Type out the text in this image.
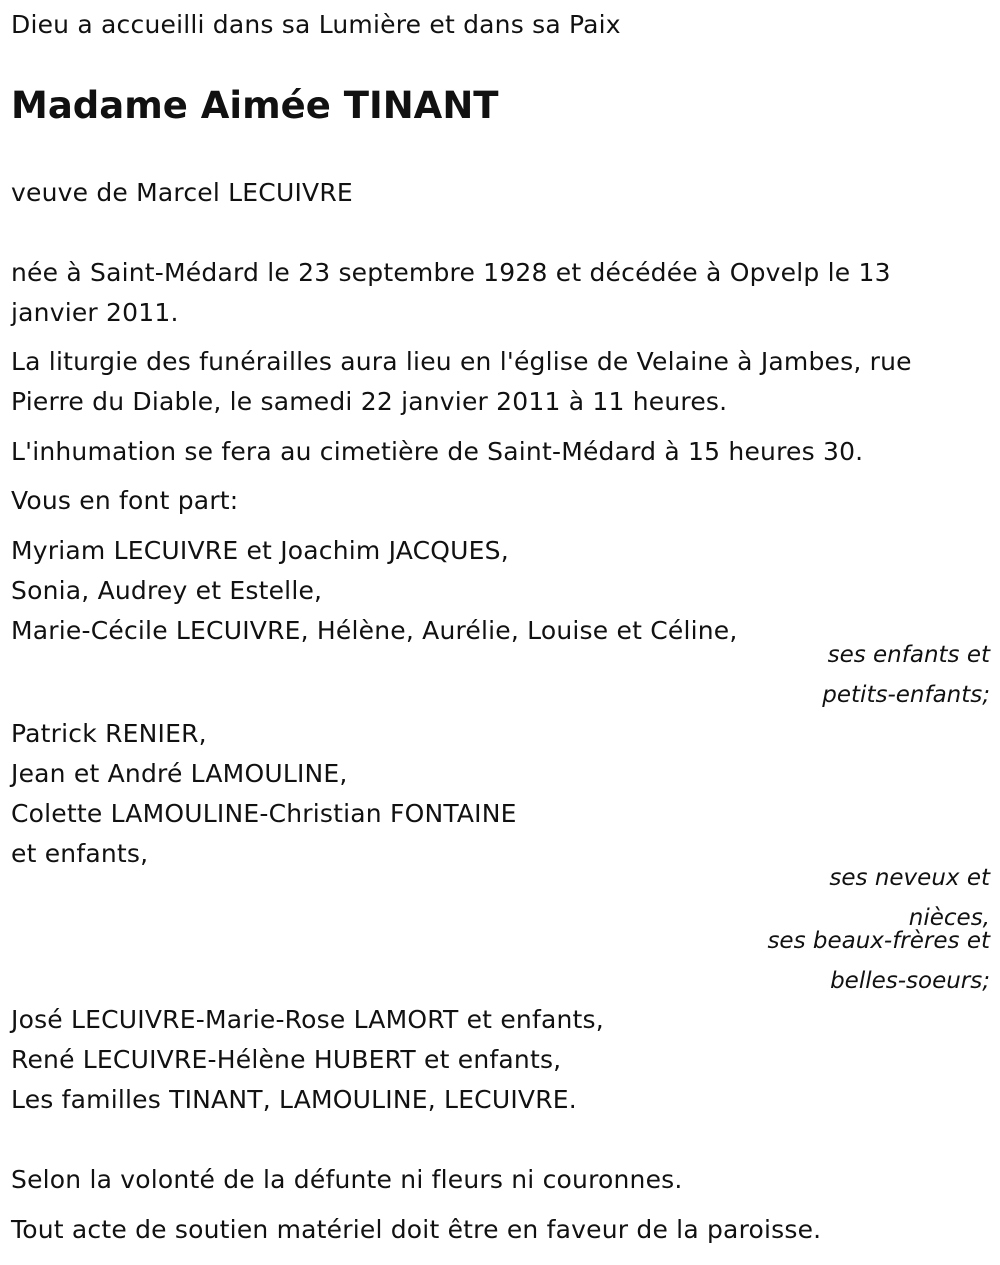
Dieu a accueilli dans sa Lumière et dans sa Paix
Madame Aimée TINANT
veuve de Marcel LECUIVRE
née à Saint-Médard le 23 septembre 1928 et décédée à Opvelp le 13
janvier 2011.
La liturgie des funérailles aura lieu en l'église de Velaine à Jambes, rue
Pierre du Diable, le samedi 22 janvier 2011 à 11 heures.
L'inhumation se fera au cimetière de Saint-Médard à 15 heures 30.
Vous en font part:
Myriam LECUIVRE et Joachim JACQUES,
Sonia, Audrey et Estelle,
Marie-Cécile LECUIVRE, Hélène, Aurélie, Louise et Céline,
ses enfants et
petits-enfants;
Patrick RENIER,
Jean et André LAMOULINE,
Colette LAMOULINE-Christian FONTAINE
et enfants,
ses neveux et
nièces,
ses beaux-frères et
belles-soeurs;
José LECUIVRE-Marie-Rose LAMORT et enfants,
René LECUIVRE-Hélène HUBERT et enfants,
Les familles TINANT, LAMOULINE, LECUIVRE.
Selon la volonté de la défunte ni fleurs ni couronnes.
Tout acte de soutien matériel doit être en faveur de la paroisse.
